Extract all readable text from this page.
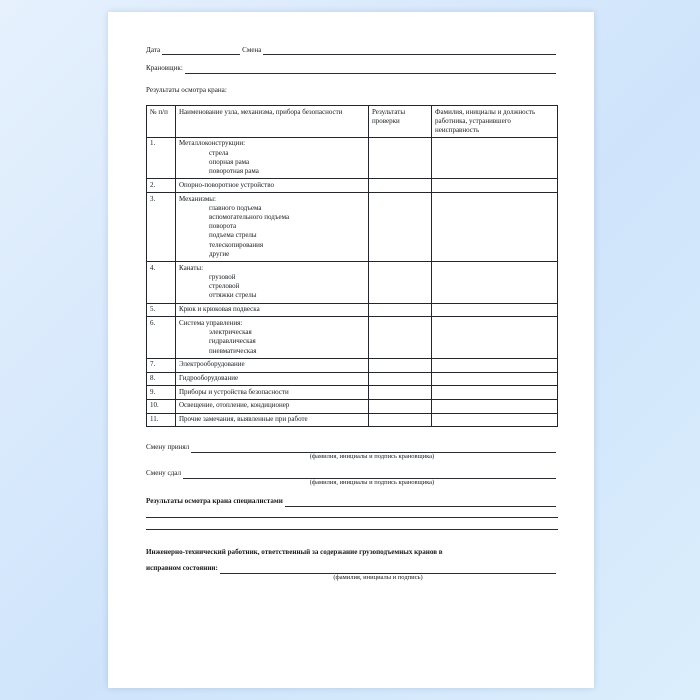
Дата	Смена
Крановщик:
Результаты осмотра крана:
№ п/п	Наименование узла, механизма, прибора безопасности	Результаты проверки	Фамилия, инициалы и должность работника, устранившего неисправность
1.	Металлоконструкции:
стрела
опорная рама
поворотная рама		

2.	Опорно-поворотное устройство		

3.	Механизмы:
главного подъема
вспомогательного подъема
поворота
подъема стрелы
телескопирования
другие

4.	Канаты:
грузовой
стреловой
оттяжки стрелы		

5.	Крюк и крюковая подвеска		

6.	Система управления:
электрическая
гидравлическая
пневматическая		

7.	Электрооборудование		

8.	Гидрооборудование		

9.	Приборы и устройства безопасности		

10.	Освещение, отопление, кондиционер		

11.	Прочие замечания, выявленные при работе		

Смену принял
(фамилия, инициалы и подпись крановщика)
Смену сдал
(фамилия, инициалы и подпись крановщика)
Результаты осмотра крана специалистами
Инженерно-технический работник, ответственный за содержание грузоподъемных кранов в
исправном состоянии:
(фамилия, инициалы и подпись)
